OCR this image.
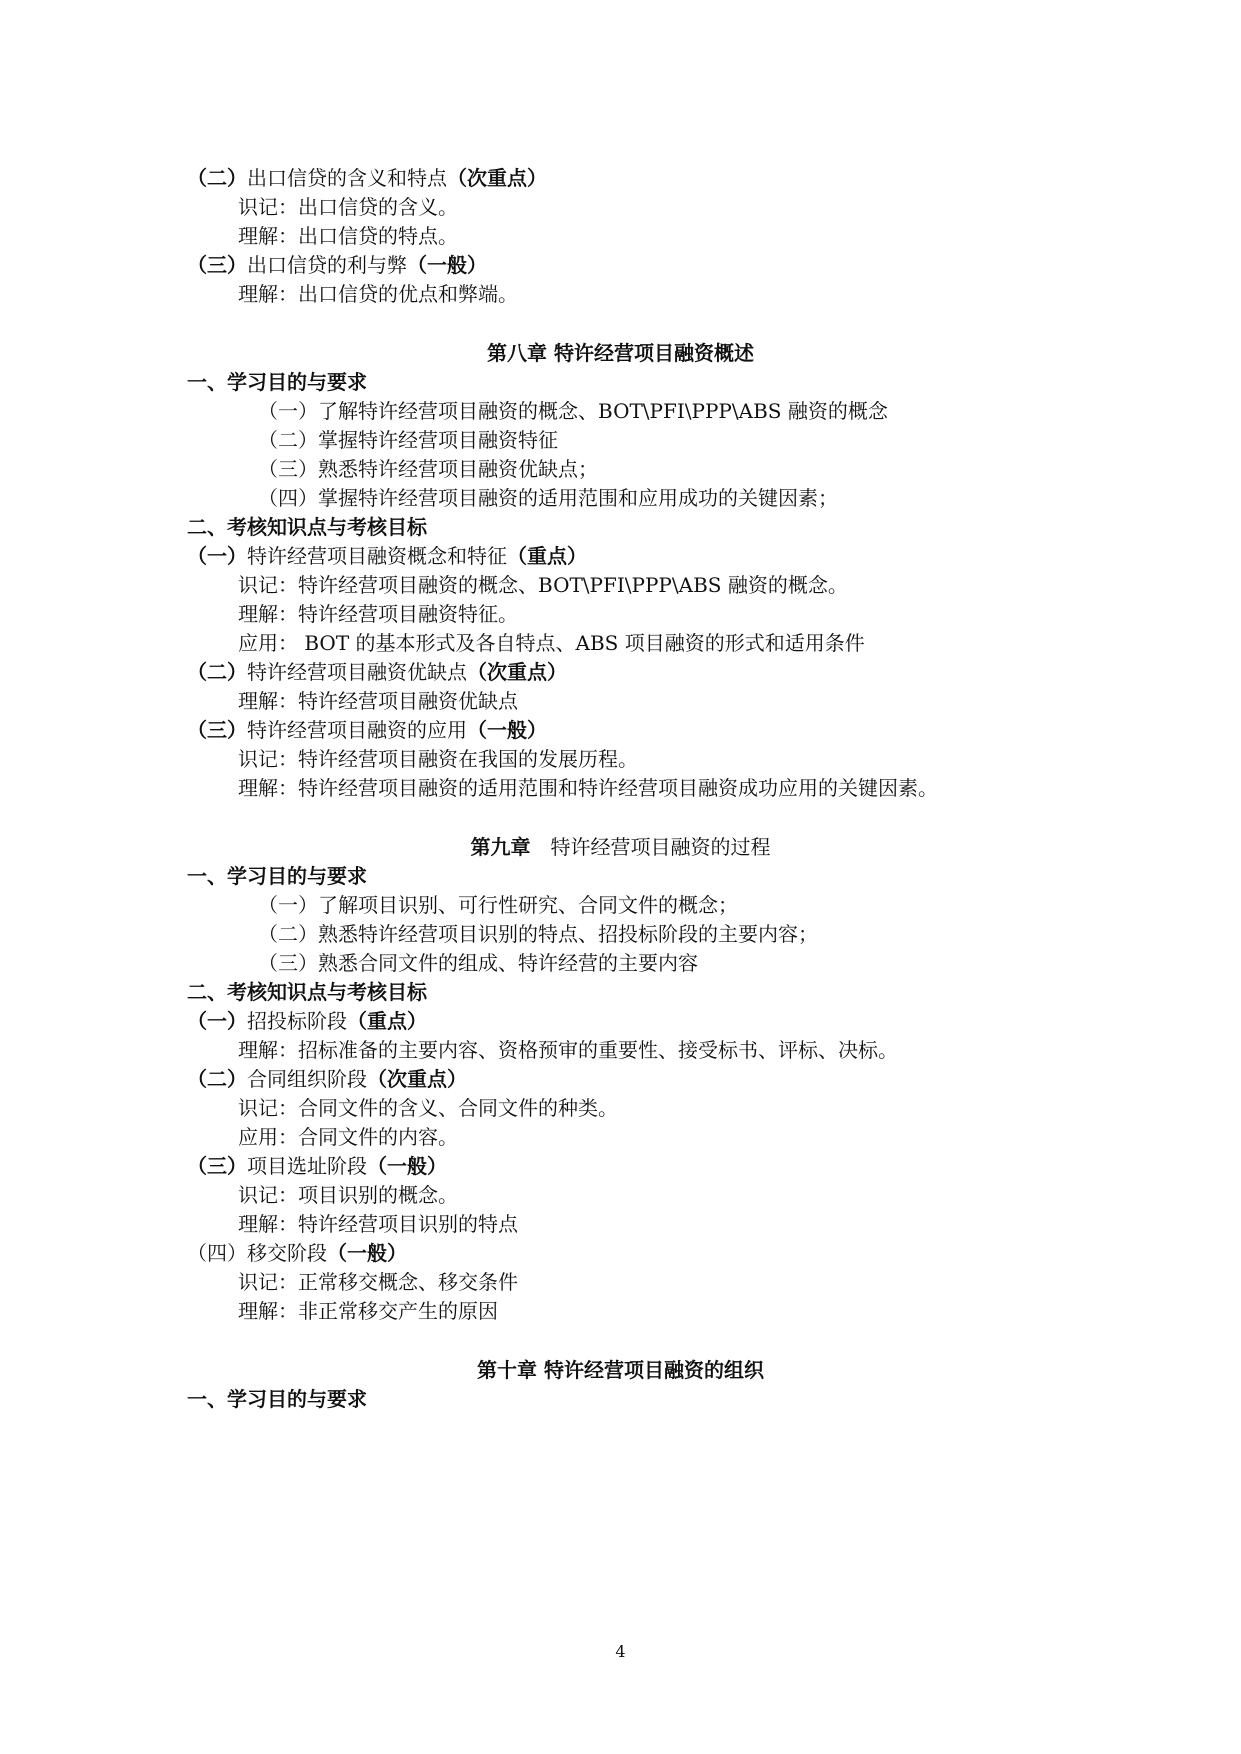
（二）出口信贷的含义和特点（次重点）
识记：出口信贷的含义。
理解：出口信贷的特点。
（三）出口信贷的利与弊（一般）
理解：出口信贷的优点和弊端。
第八章 特许经营项目融资概述
一、学习目的与要求
（一）了解特许经营项目融资的概念、BOT\PFI\PPP\ABS 融资的概念
（二）掌握特许经营项目融资特征
（三）熟悉特许经营项目融资优缺点；
（四）掌握特许经营项目融资的适用范围和应用成功的关键因素；
二、考核知识点与考核目标
（一）特许经营项目融资概念和特征（重点）
识记：特许经营项目融资的概念、BOT\PFI\PPP\ABS 融资的概念。
理解：特许经营项目融资特征。
应用： BOT 的基本形式及各自特点、ABS 项目融资的形式和适用条件
（二）特许经营项目融资优缺点（次重点）
理解：特许经营项目融资优缺点
（三）特许经营项目融资的应用（一般）
识记：特许经营项目融资在我国的发展历程。
理解：特许经营项目融资的适用范围和特许经营项目融资成功应用的关键因素。
第九章 特许经营项目融资的过程
一、学习目的与要求
（一）了解项目识别、可行性研究、合同文件的概念；
（二）熟悉特许经营项目识别的特点、招投标阶段的主要内容；
（三）熟悉合同文件的组成、特许经营的主要内容
二、考核知识点与考核目标
（一）招投标阶段（重点）
理解：招标准备的主要内容、资格预审的重要性、接受标书、评标、决标。
（二）合同组织阶段（次重点）
识记：合同文件的含义、合同文件的种类。
应用：合同文件的内容。
（三）项目选址阶段（一般）
识记：项目识别的概念。
理解：特许经营项目识别的特点
（四）移交阶段（一般）
识记：正常移交概念、移交条件
理解：非正常移交产生的原因
第十章 特许经营项目融资的组织
一、学习目的与要求
4
